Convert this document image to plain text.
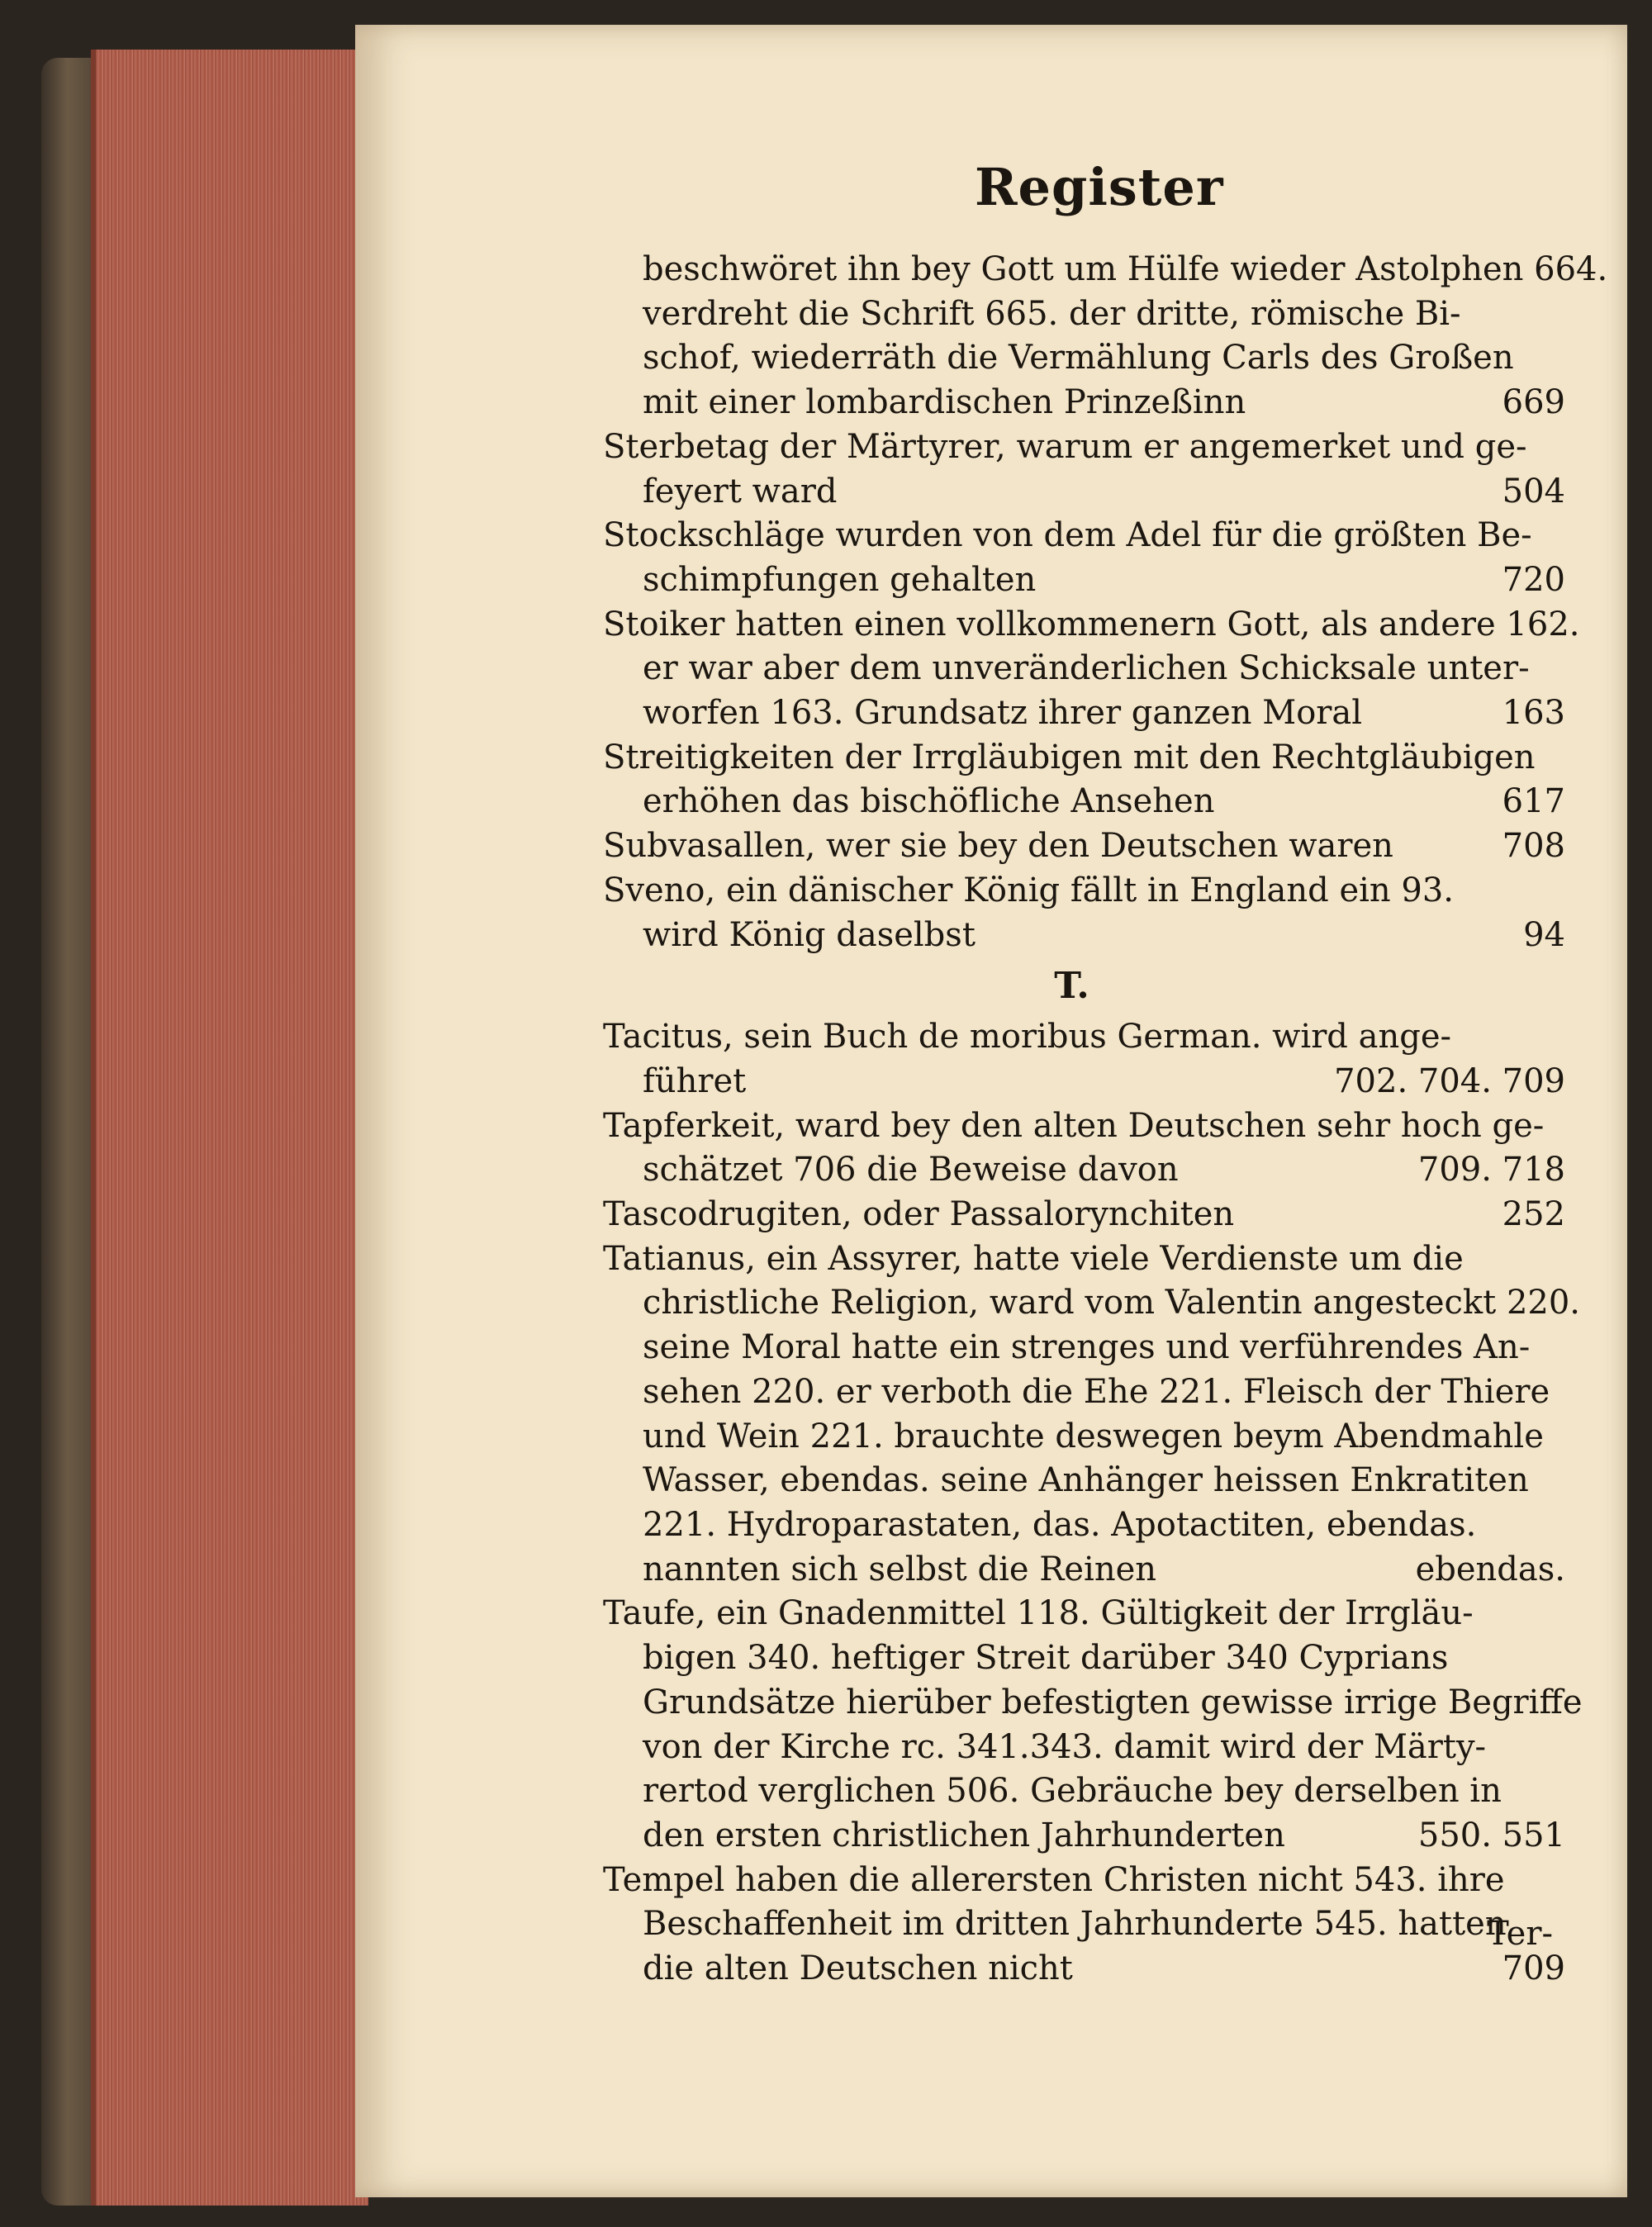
Register
beschwöret ihn bey Gott um Hülfe wieder Astolphen 664.
verdreht die Schrift 665. der dritte, römische Bi-
schof, wiederräth die Vermählung Carls des Großen
mit einer lombardischen Prinzeßinn	669
Sterbetag der Märtyrer, warum er angemerket und ge-
feyert ward	504
Stockschläge wurden von dem Adel für die größten Be-
schimpfungen gehalten	720
Stoiker hatten einen vollkommenern Gott, als andere 162.
er war aber dem unveränderlichen Schicksale unter-
worfen 163. Grundsatz ihrer ganzen Moral	163
Streitigkeiten der Irrgläubigen mit den Rechtgläubigen
erhöhen das bischöfliche Ansehen	617
Subvasallen, wer sie bey den Deutschen waren	708
Sveno, ein dänischer König fällt in England ein 93.
wird König daselbst	94
T.
Tacitus, sein Buch de moribus German. wird ange-
führet	702. 704. 709
Tapferkeit, ward bey den alten Deutschen sehr hoch ge-
schätzet 706 die Beweise davon	709. 718
Tascodrugiten, oder Passalorynchiten	252
Tatianus, ein Assyrer, hatte viele Verdienste um die
christliche Religion, ward vom Valentin angesteckt 220.
seine Moral hatte ein strenges und verführendes An-
sehen 220. er verboth die Ehe 221. Fleisch der Thiere
und Wein 221. brauchte deswegen beym Abendmahle
Wasser, ebendas. seine Anhänger heissen Enkratiten
221. Hydroparastaten, das. Apotactiten, ebendas.
nannten sich selbst die Reinen	ebendas.
Taufe, ein Gnadenmittel 118. Gültigkeit der Irrgläu-
bigen 340. heftiger Streit darüber 340 Cyprians
Grundsätze hierüber befestigten gewisse irrige Begriffe
von der Kirche rc. 341.343. damit wird der Märty-
rertod verglichen 506. Gebräuche bey derselben in
den ersten christlichen Jahrhunderten	550. 551
Tempel haben die allerersten Christen nicht 543. ihre
Beschaffenheit im dritten Jahrhunderte 545. hatten
die alten Deutschen nicht	709
Ter-
